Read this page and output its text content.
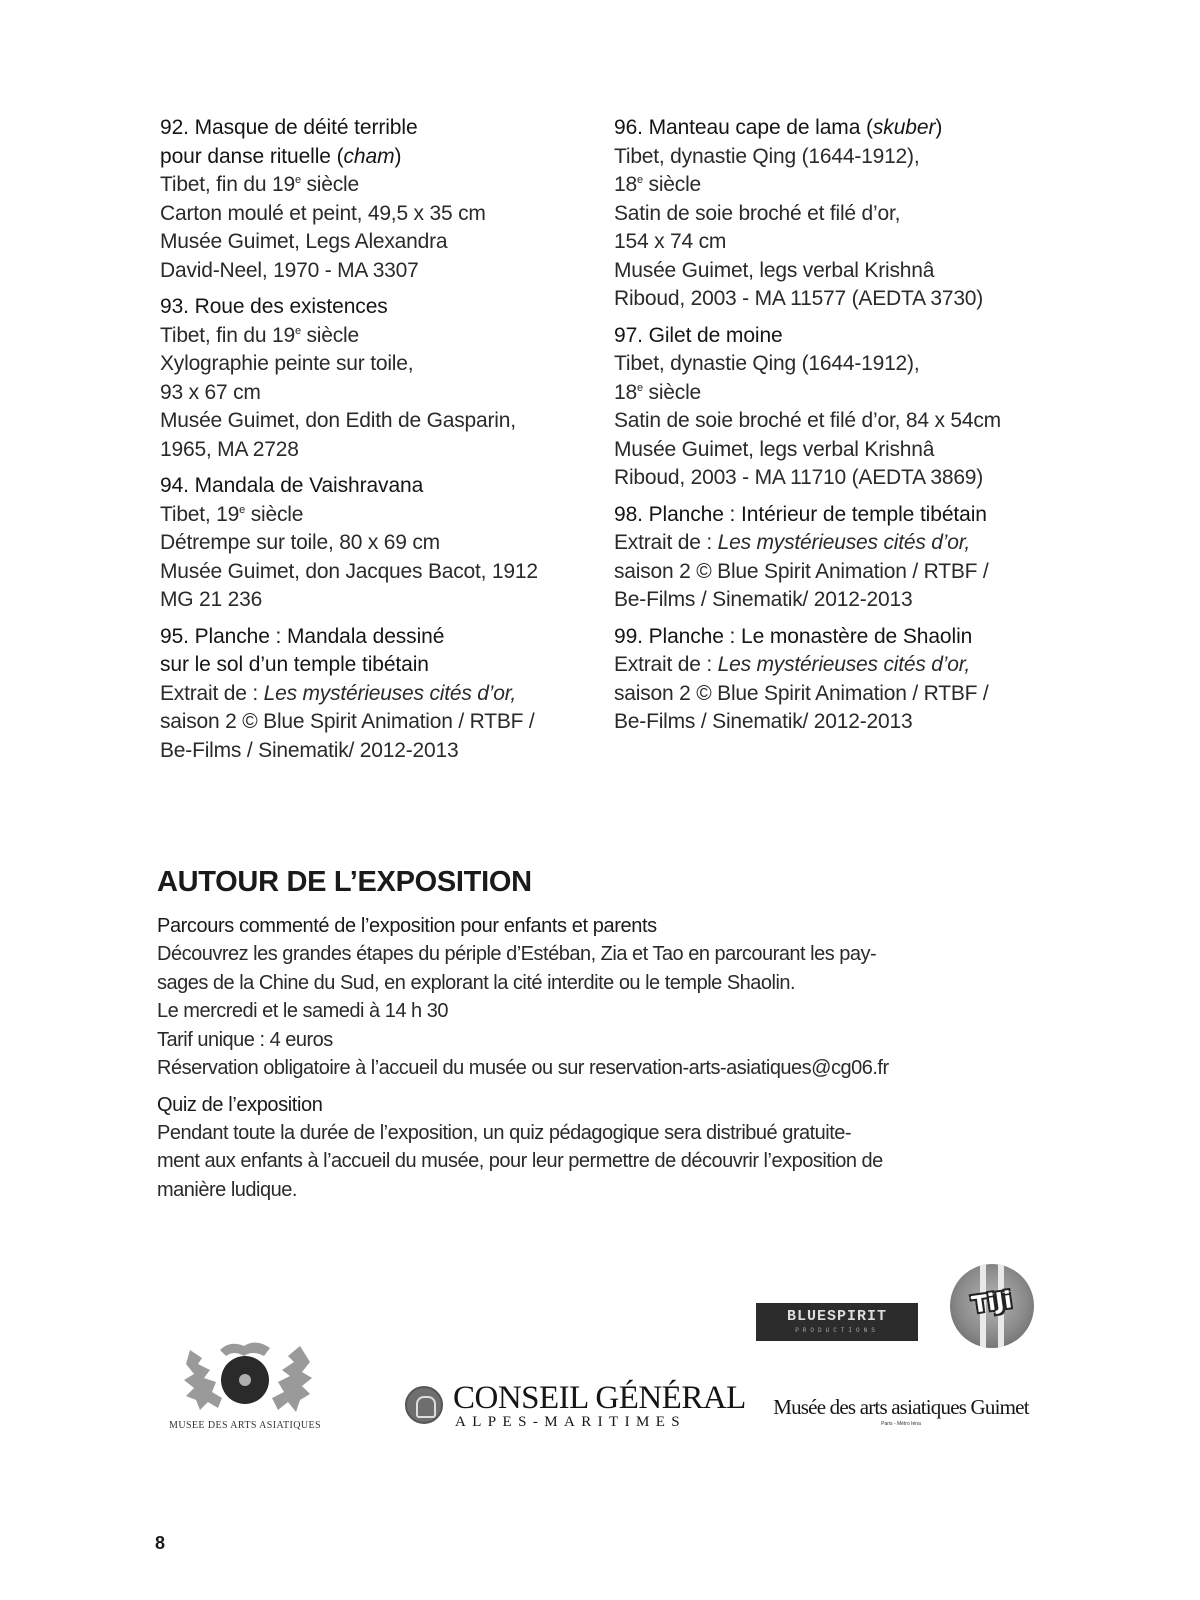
92. Masque de déité terrible
pour danse rituelle (cham)
Tibet, fin du 19e siècle
Carton moulé et peint, 49,5 x 35 cm
Musée Guimet, Legs Alexandra
David-Neel, 1970 - MA 3307
93. Roue des existences
Tibet, fin du 19e siècle
Xylographie peinte sur toile,
93 x 67 cm
Musée Guimet, don Edith de Gasparin,
1965, MA 2728
94. Mandala de Vaishravana
Tibet, 19e siècle
Détrempe sur toile, 80 x 69 cm
Musée Guimet, don Jacques Bacot, 1912
MG 21 236
95. Planche : Mandala dessiné
sur le sol d’un temple tibétain
Extrait de : Les mystérieuses cités d’or,
saison 2 © Blue Spirit Animation / RTBF /
Be-Films / Sinematik/ 2012-2013
96. Manteau cape de lama (skuber)
Tibet, dynastie Qing (1644-1912),
18e siècle
Satin de soie broché et filé d’or,
154 x 74 cm
Musée Guimet, legs verbal Krishnâ
Riboud, 2003 - MA 11577 (AEDTA 3730)
97. Gilet de moine
Tibet, dynastie Qing (1644-1912),
18e siècle
Satin de soie broché et filé d’or, 84 x 54cm
Musée Guimet, legs verbal Krishnâ
Riboud, 2003 - MA 11710 (AEDTA 3869)
98. Planche : Intérieur de temple tibétain
Extrait de : Les mystérieuses cités d’or,
saison 2 © Blue Spirit Animation / RTBF /
Be-Films / Sinematik/ 2012-2013
99. Planche : Le monastère de Shaolin
Extrait de : Les mystérieuses cités d’or,
saison 2 © Blue Spirit Animation / RTBF /
Be-Films / Sinematik/ 2012-2013
AUTOUR DE L’EXPOSITION
Parcours commenté de l’exposition pour enfants et parents
Découvrez les grandes étapes du périple d’Estéban, Zia et Tao en parcourant les pay-
sages de la Chine du Sud, en explorant la cité interdite ou le temple Shaolin.
Le mercredi et le samedi à 14 h 30
Tarif unique : 4 euros
Réservation obligatoire à l’accueil du musée ou sur reservation-arts-asiatiques@cg06.fr
Quiz de l’exposition
Pendant toute la durée de l’exposition, un quiz pédagogique sera distribué gratuite-
ment aux enfants à l’accueil du musée, pour leur permettre de découvrir l’exposition de
manière ludique.
MUSEE DES ARTS ASIATIQUES
CONSEIL GÉNÉRAL
ALPES-MARITIMES
BLUESPIRIT
PRODUCTIONS
TiJi
Musée des arts asiatiques Guimet
Paris - Métro Iéna
8
